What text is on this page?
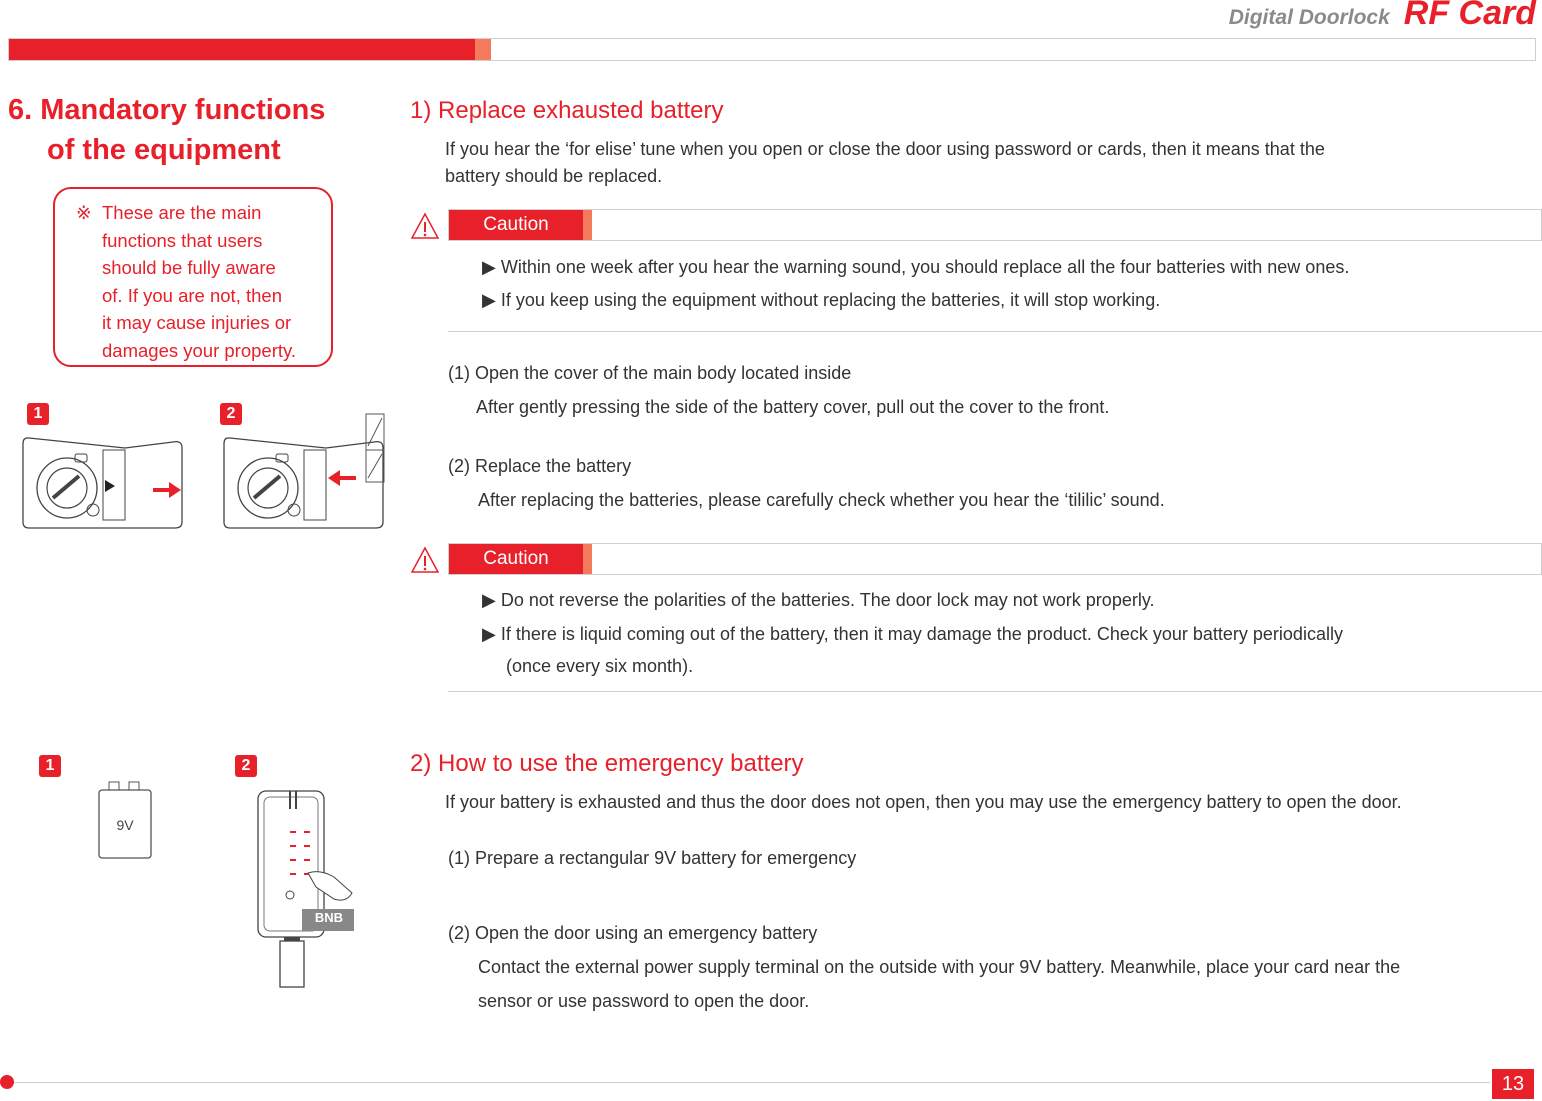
Digital Doorlock RF Card
6. Mandatory functions
of the equipment
※ These are the main
functions that users
should be fully aware
of. If you are not, then
it may cause injuries or
damages your property.
1	2
1	2
9V
BNB
1) Replace exhausted battery
If you hear the ‘for elise’ tune when you open or close the door using password or cards, then it means that the
battery should be replaced.
Caution
▶ Within one week after you hear the warning sound, you should replace all the four batteries with new ones.
▶ If you keep using the equipment without replacing the batteries, it will stop working.
(1) Open the cover of the main body located inside
After gently pressing the side of the battery cover, pull out the cover to the front.
(2) Replace the battery
After replacing the batteries, please carefully check whether you hear the ‘tililic’ sound.
Caution
▶ Do not reverse the polarities of the batteries. The door lock may not work properly.
▶ If there is liquid coming out of the battery, then it may damage the product. Check your battery periodically
(once every six month).
2) How to use the emergency battery
If your battery is exhausted and thus the door does not open, then you may use the emergency battery to open the door.
(1) Prepare a rectangular 9V battery for emergency
(2) Open the door using an emergency battery
Contact the external power supply terminal on the outside with your 9V battery. Meanwhile, place your card near the
sensor or use password to open the door.
13
